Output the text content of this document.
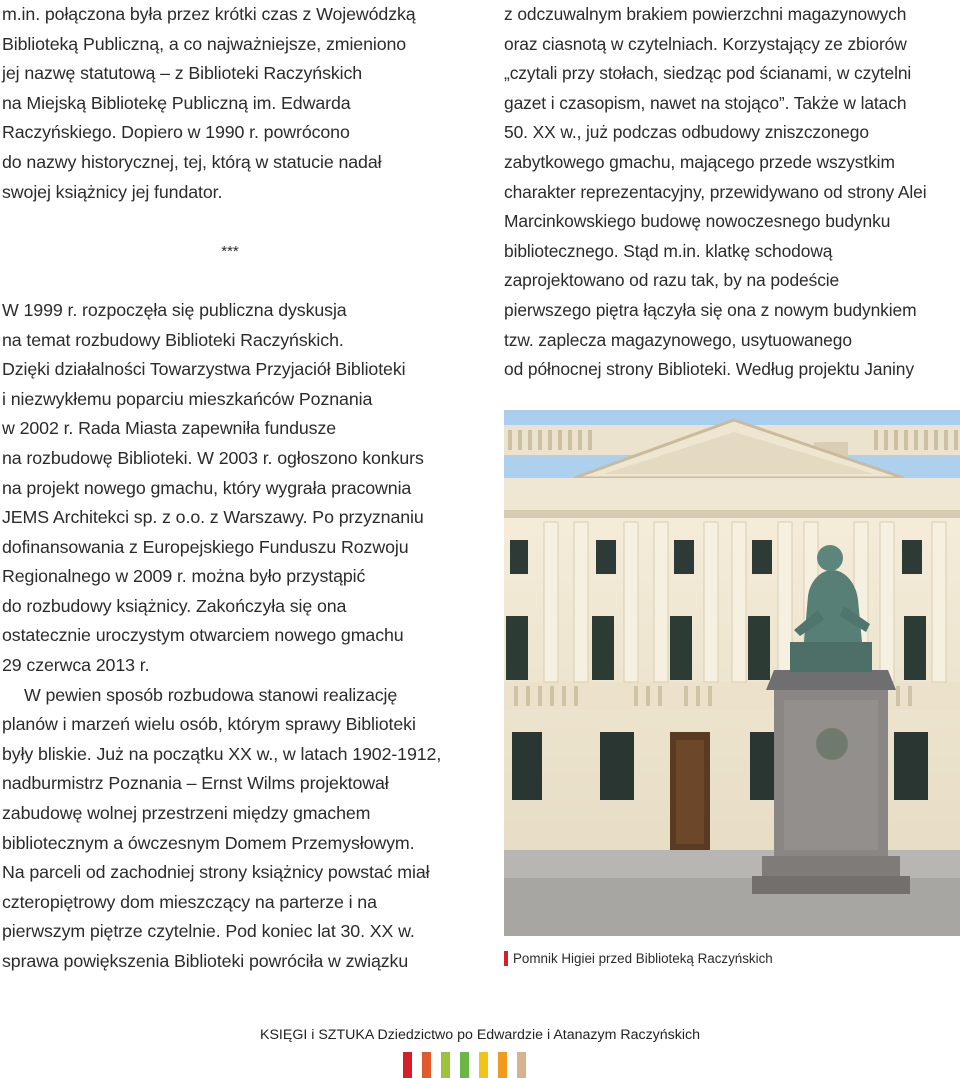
m.in. połączona była przez krótki czas z Wojewódzką
Biblioteką Publiczną, a co najważniejsze, zmieniono
jej nazwę statutową – z Biblioteki Raczyńskich
na Miejską Bibliotekę Publiczną im. Edwarda
Raczyńskiego. Dopiero w 1990 r. powrócono
do nazwy historycznej, tej, którą w statucie nadał
swojej książnicy jej fundator.
***
W 1999 r. rozpoczęła się publiczna dyskusja
na temat rozbudowy Biblioteki Raczyńskich.
Dzięki działalności Towarzystwa Przyjaciół Biblioteki
i niezwykłemu poparciu mieszkańców Poznania
w 2002 r. Rada Miasta zapewniła fundusze
na rozbudowę Biblioteki. W 2003 r. ogłoszono konkurs
na projekt nowego gmachu, który wygrała pracownia
JEMS Architekci sp. z o.o. z Warszawy. Po przyznaniu
dofinansowania z Europejskiego Funduszu Rozwoju
Regionalnego w 2009 r. można było przystąpić
do rozbudowy książnicy. Zakończyła się ona
ostatecznie uroczystym otwarciem nowego gmachu
29 czerwca 2013 r.
W pewien sposób rozbudowa stanowi realizację
planów i marzeń wielu osób, którym sprawy Biblioteki
były bliskie. Już na początku XX w., w latach 1902-1912,
nadburmistrz Poznania – Ernst Wilms projektował
zabudowę wolnej przestrzeni między gmachem
bibliotecznym a ówczesnym Domem Przemysłowym.
Na parceli od zachodniej strony książnicy powstać miał
czteropiętrowy dom mieszczący na parterze i na
pierwszym piętrze czytelnie. Pod koniec lat 30. XX w.
sprawa powiększenia Biblioteki powróciła w związku
z odczuwalnym brakiem powierzchni magazynowych
oraz ciasnotą w czytelniach. Korzystający ze zbiorów
„czytali przy stołach, siedząc pod ścianami, w czytelni
gazet i czasopism, nawet na stojąco”. Także w latach
50. XX w., już podczas odbudowy zniszczonego
zabytkowego gmachu, mającego przede wszystkim
charakter reprezentacyjny, przewidywano od strony Alei
Marcinkowskiego budowę nowoczesnego budynku
bibliotecznego. Stąd m.in. klatkę schodową
zaprojektowano od razu tak, by na podeście
pierwszego piętra łączyła się ona z nowym budynkiem
tzw. zaplecza magazynowego, usytuowanego
od północnej strony Biblioteki. Według projektu Janiny
Pomnik Higiei przed Biblioteką Raczyńskich
KSIĘGI i SZTUKA Dziedzictwo po Edwardzie i Atanazym Raczyńskich
